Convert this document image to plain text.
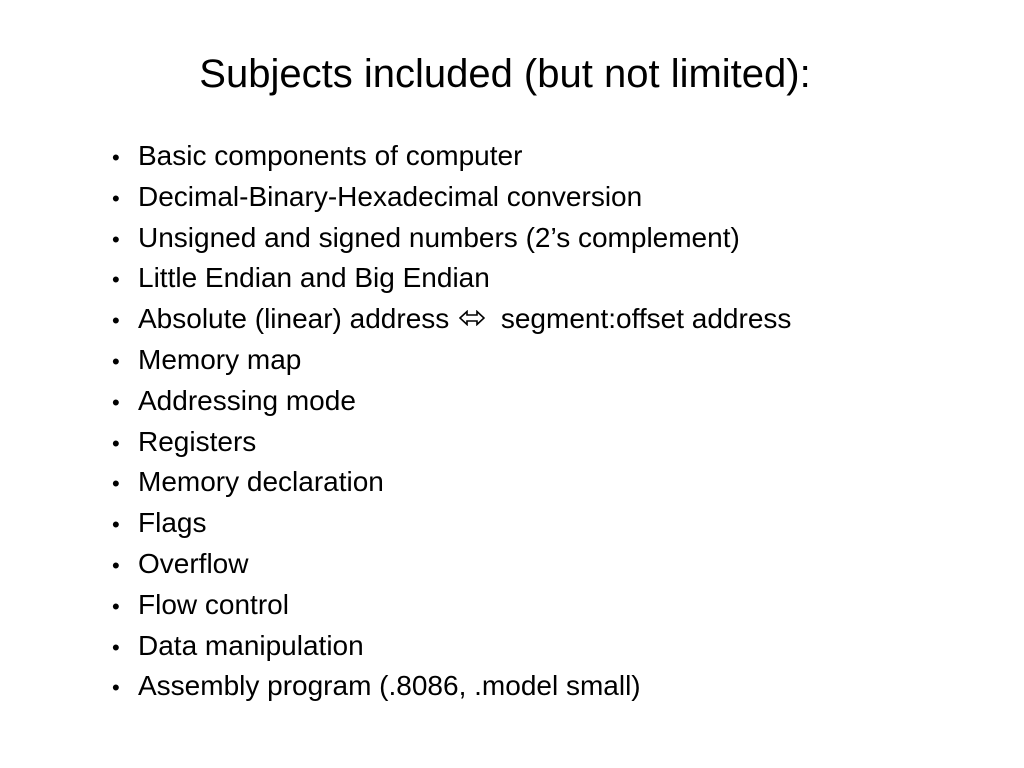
Subjects included (but not limited):
• Basic components of computer
• Decimal-Binary-Hexadecimal conversion
• Unsigned and signed numbers (2’s complement)
• Little Endian and Big Endian
• Absolute (linear) address segment:offset address
• Memory map
• Addressing mode
• Registers
• Memory declaration
• Flags
• Overflow
• Flow control
• Data manipulation
• Assembly program (.8086, .model small)
